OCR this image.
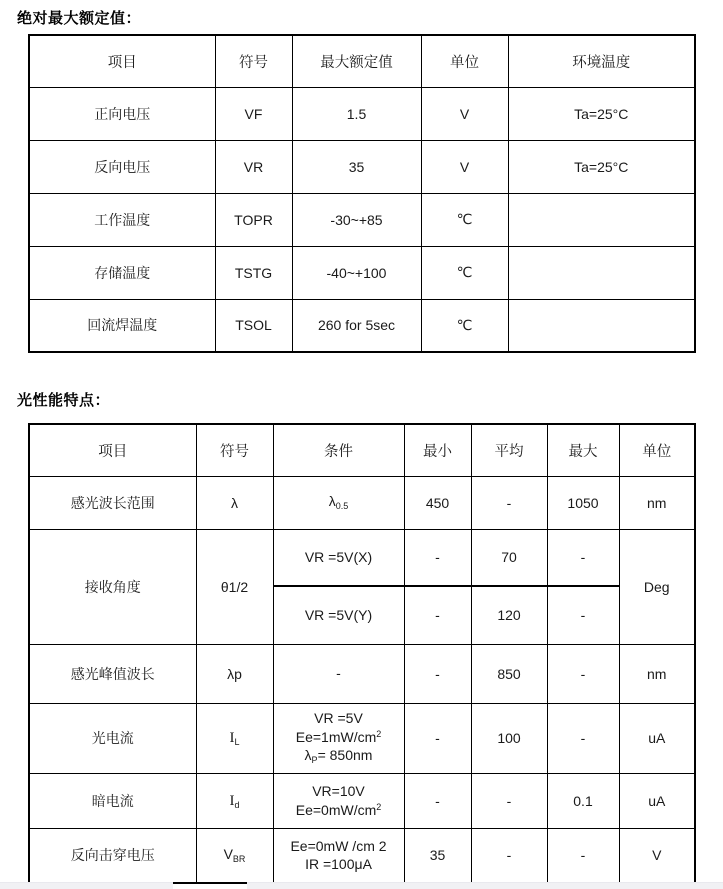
绝对最大额定值：
项目	符号	最大额定值	单位	环境温度
正向电压	VF	1.5	V	Ta=25°C
反向电压	VR	35	V	Ta=25°C
工作温度	TOPR	-30~+85	℃	
存储温度	TSTG	-40~+100	℃	
回流焊温度	TSOL	260 for 5sec	℃	
光性能特点：
项目	符号	条件	最小	平均	最大	单位
感光波长范围	λ	$\lambda_{0.5}$	450	-	1050	nm
接收角度	θ1/2	VR =5V(X)	-	70	-	Deg
		VR =5V(Y)	-	120	-	
感光峰值波长	λp	-	-	850	-	nm
光电流	$I_L$	VR =5V
$Ee=1mW/cm^2$
$\lambda_P= 850nm$	-	100	-	uA
暗电流	$I_d$	VR=10V
$Ee=0mW/cm^2$	-	-	0.1	uA
反向击穿电压	$V_{BR}$	Ee=0mW /cm 2
IR =100μA	35	-	-	V
